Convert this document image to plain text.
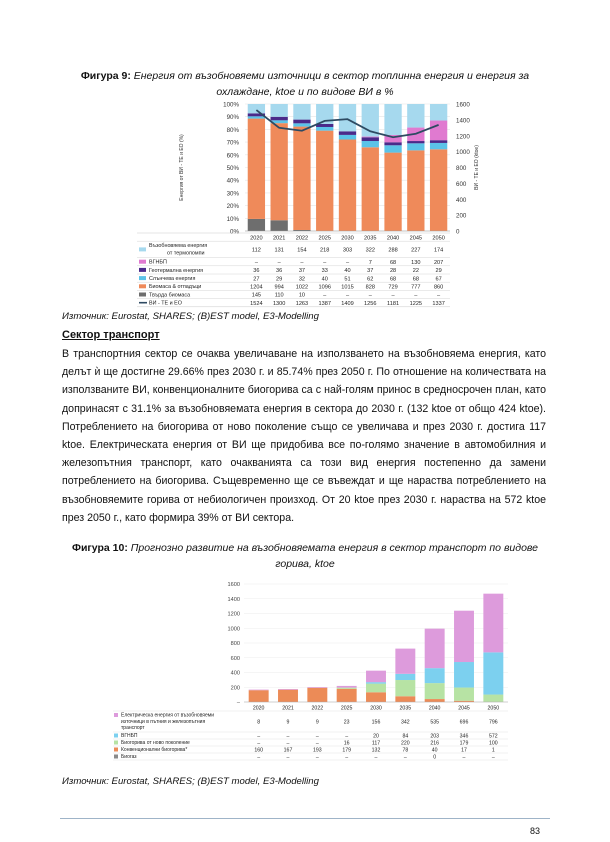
Фигура 9: Енергия от възобновяеми източници в сектор топлинна енергия и енергия за охлаждане, ktoe и по видове ВИ в %
0%
10%
20%
30%
40%
50%
60%
70%
80%
90%
100%
0
200
400
600
800
1000
1200
1400
1600
Енергия от ВИ - ТЕ и ЕО (%)	ВИ - ТЕ и ЕО (ktoe)
2020 2021 2022 2025 2030 2035 2040 2045 2050
Възобновяема енергия
от термопомпи
112 131 154 218 303 322 288 227 174
ВГНБП	–	–	–	–	–	7	68	130 207
Геотермална енергия	36	36	37	33	40	37	28	22	29
Слънчева енергия	27	29	32	40	51	62	68	68	67
Биомаса & отпадъци	1204 994 1022 1096 1015 828 729 777 860
Твърда биомаса	145 110	10	–	–	–	–	–	–
ВИ - ТЕ и ЕО	1524 1300 1263 1387 1409 1256 1181 1225 1337
Източник: Eurostat, SHARES; (B)EST model, E3-Modelling
Сектор транспорт
В транспортния сектор се очаква увеличаване на използването на възобновяема енергия, като делът ѝ ще достигне 29.66% през 2030 г. и 85.74% през 2050 г. По отношение на количествата на използваните ВИ, конвенционалните биогорива са с най-голям принос в средносрочен план, като допринасят с 31.1% за възобновяемата енергия в сектора до 2030 г. (132 ktoe от общо 424 ktoe). Потреблението на биогорива от ново поколение също се увеличава и през 2030 г. достига 117 ktoe. Електрическата енергия от ВИ ще придобива все по-голямо значение в автомобилния и железопътния транспорт, като очакванията са този вид енергия постепенно да замени потреблението на биогорива. Същевременно ще се въвеждат и ще нараства потреблението на възобновяемите горива от небиологичен произход. От 20 ktoe през 2030 г. нараства на 572 ktoe през 2050 г., като формира 39% от ВИ сектора.
Фигура 10: Прогнозно развитие на възобновяемата енергия в сектор транспорт по видове горива, ktoe
–
200
400
600
800
1000
1200
1400
1600
2020	2021	2022	2025	2030	2035	2040	2045	2050
Електрическа енергия от възобновяеми
източници в пътния и железопътния
транспорт
8	9	9	23	156	342	535	696	796
ВГНБП	–	–	–	–	20	84	203	346	572
Биогорива от ново поколение	–	–	–	16	117	220	216	179	100
Конвенционални биогорива*	160	167	193	179	132	78	40	17	1
Биогаз	–	–	–	–	–	–	0	–	–
Източник: Eurostat, SHARES; (B)EST model, E3-Modelling
83
